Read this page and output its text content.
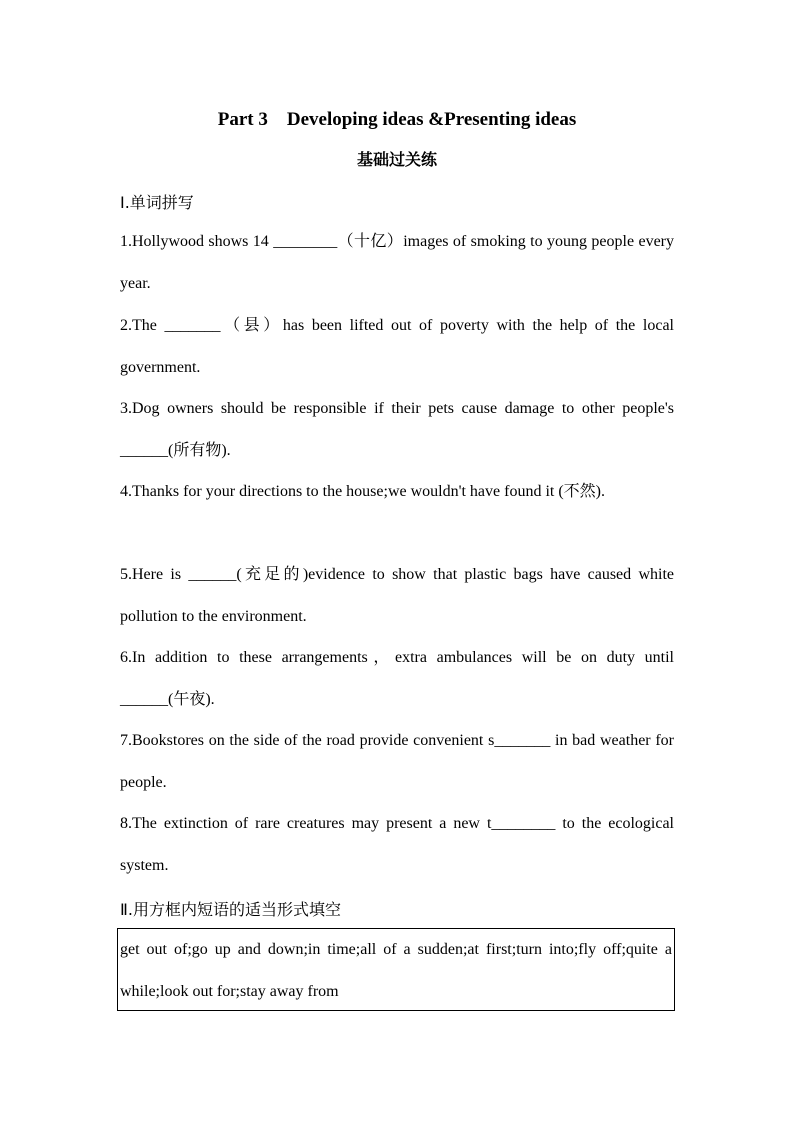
Part 3　Developing ideas &Presenting ideas
基础过关练
Ⅰ.单词拼写
1.Hollywood shows 14 ________（十亿）images of smoking to young people every year.
2.The _______（县）has been lifted out of poverty with the help of the local government.
3.Dog owners should be responsible if their pets cause damage to other people's ______(所有物).
4.Thanks for your directions to the house;we wouldn't have found it (不然).
5.Here is ______(充足的)evidence to show that plastic bags have caused white pollution to the environment.
6.In addition to these arrangements，extra ambulances will be on duty until ______(午夜).
7.Bookstores on the side of the road provide convenient s_______ in bad weather for people.
8.The extinction of rare creatures may present a new t________ to the ecological system.
Ⅱ.用方框内短语的适当形式填空
get out of;go up and down;in time;all of a sudden;at first;turn into;fly off;quite a while;look out for;stay away from
